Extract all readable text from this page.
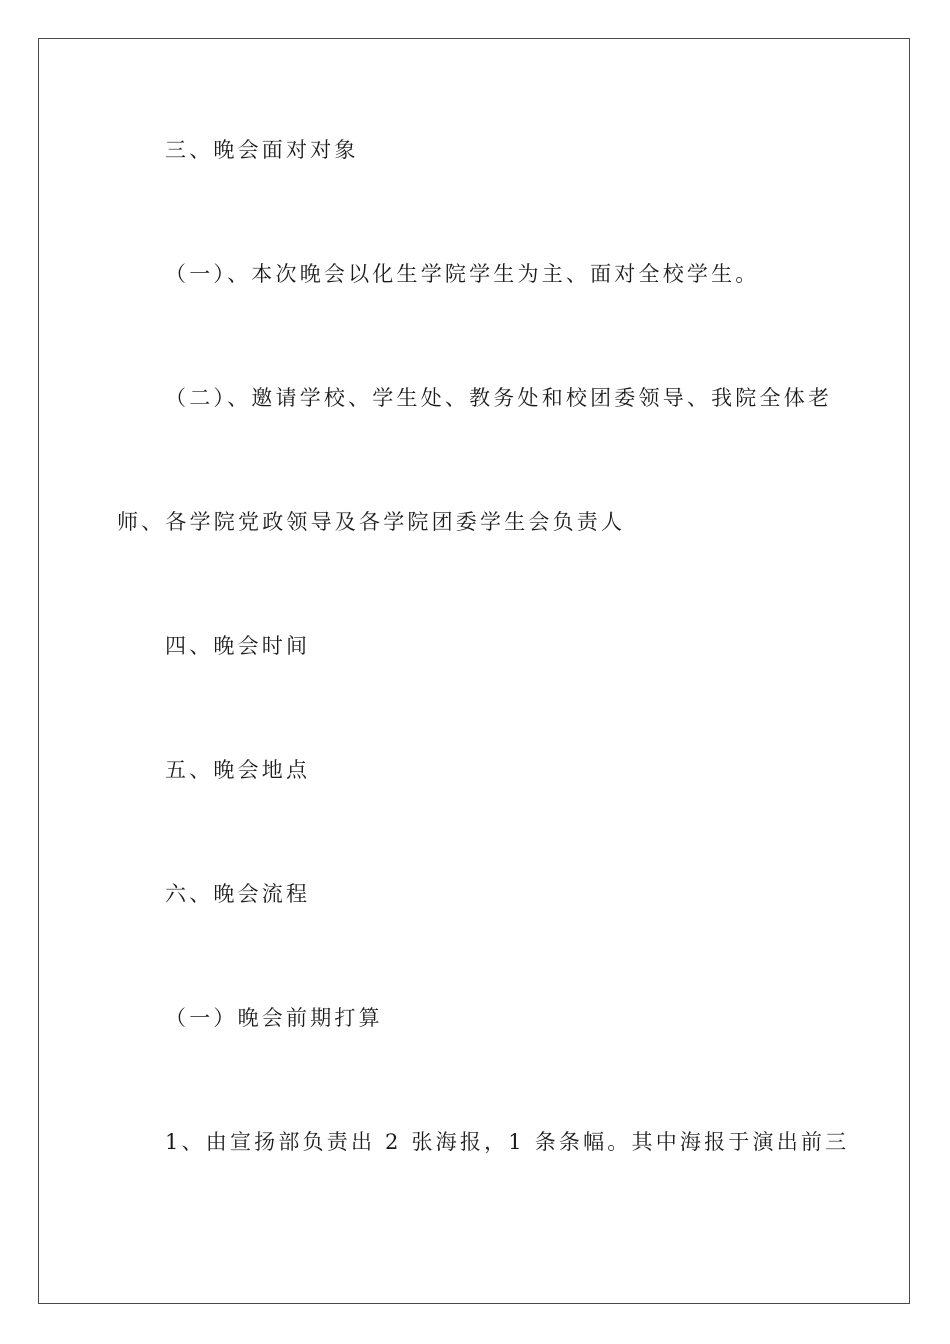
三、晚会面对对象
（一）、本次晚会以化生学院学生为主、面对全校学生。
（二）、邀请学校、学生处、教务处和校团委领导、我院全体老
师、各学院党政领导及各学院团委学生会负责人
四、晚会时间
五、晚会地点
六、晚会流程
（一）晚会前期打算
1、由宣扬部负责出 2 张海报，1 条条幅。其中海报于演出前三
